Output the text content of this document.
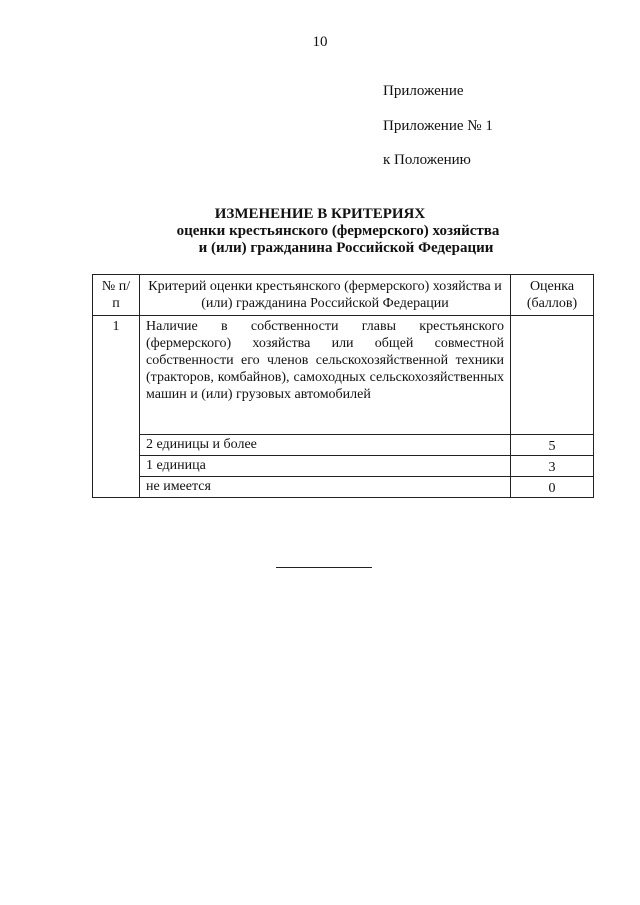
10
Приложение
Приложение № 1
к Положению
ИЗМЕНЕНИЕ В КРИТЕРИЯХ
оценки крестьянского (фермерского) хозяйства
и (или) гражданина Российской Федерации
№ п/п	Критерий оценки крестьянского (фермерского) хозяйства и (или) гражданина Российской Федерации	Оценка (баллов)
1	Наличие в собственности главы крестьянского (фермерского) хозяйства или общей совместной собственности его членов сельскохозяйственной техники (тракторов, комбайнов), самоходных сельскохозяйственных машин и (или) грузовых автомобилей	
	2 единицы и более	5
	1 единица	3
	не имеется	0
